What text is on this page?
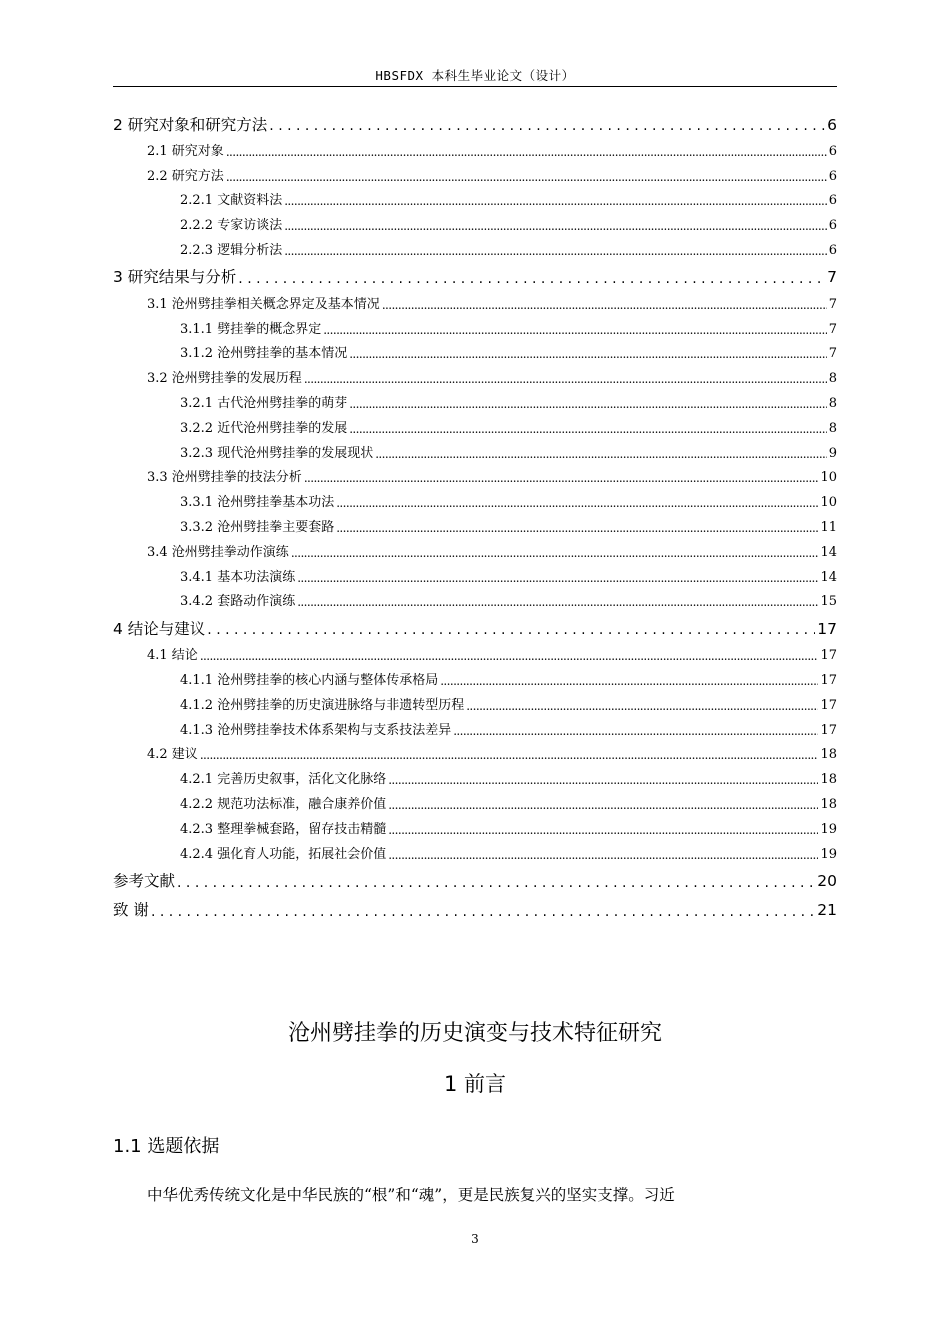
HBSFDX 本科生毕业论文（设计）
2 研究对象和研究方法 . . .	6
2.1 研究对象 .....	6
2.2 研究方法 .....	6
2.2.1 文献资料法 .....	6
2.2.2 专家访谈法 .....	6
2.2.3 逻辑分析法 .....	6
3 研究结果与分析 . . .	7
3.1 沧州劈挂拳相关概念界定及基本情况 .....	7
3.1.1 劈挂拳的概念界定 .....	7
3.1.2 沧州劈挂拳的基本情况 .....	7
3.2 沧州劈挂拳的发展历程 .....	8
3.2.1 古代沧州劈挂拳的萌芽 .....	8
3.2.2 近代沧州劈挂拳的发展 .....	8
3.2.3 现代沧州劈挂拳的发展现状 .....	9
3.3 沧州劈挂拳的技法分析 .....	10
3.3.1 沧州劈挂拳基本功法 .....	10
3.3.2 沧州劈挂拳主要套路 .....	11
3.4 沧州劈挂拳动作演练 .....	14
3.4.1 基本功法演练 .....	14
3.4.2 套路动作演练 .....	15
4 结论与建议 . . .	17
4.1 结论 .....	17
4.1.1 沧州劈挂拳的核心内涵与整体传承格局 .....	17
4.1.2 沧州劈挂拳的历史演进脉络与非遗转型历程 .....	17
4.1.3 沧州劈挂拳技术体系架构与支系技法差异 .....	17
4.2 建议 .....	18
4.2.1 完善历史叙事，活化文化脉络 .....	18
4.2.2 规范功法标准，融合康养价值 .....	18
4.2.3 整理拳械套路，留存技击精髓 .....	19
4.2.4 强化育人功能，拓展社会价值 .....	19
参考文献 . . .	20
致 谢 . . .	21
沧州劈挂拳的历史演变与技术特征研究
1 前言
1.1 选题依据
中华优秀传统文化是中华民族的“根”和“魂”，更是民族复兴的坚实支撑。习近
3
